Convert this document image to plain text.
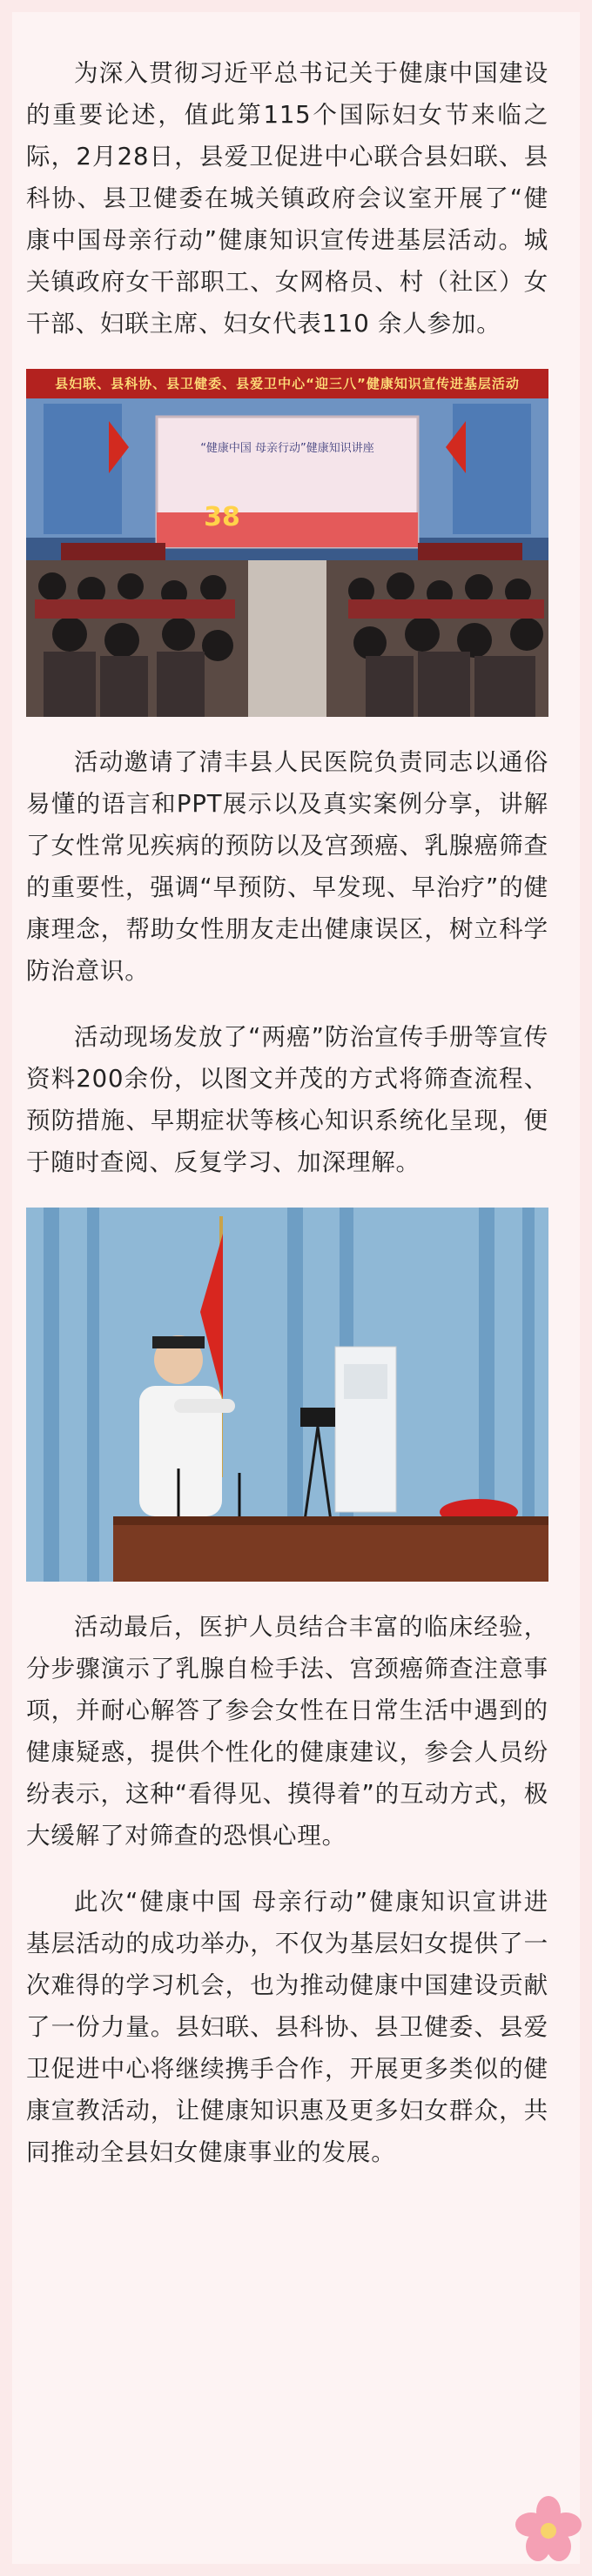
为深入贯彻习近平总书记关于健康中国建设的重要论述，值此第115个国际妇女节来临之际，2月28日，县爱卫促进中心联合县妇联、县科协、县卫健委在城关镇政府会议室开展了“健康中国母亲行动”健康知识宣传进基层活动。城关镇政府女干部职工、女网格员、村（社区）女干部、妇联主席、妇女代表110 余人参加。

“健康中国 母亲行动”健康知识讲座
38
县妇联、县科协、县卫健委、县爱卫中心“迎三八”健康知识宣传进基层活动

活动邀请了清丰县人民医院负责同志以通俗易懂的语言和PPT展示以及真实案例分享，讲解了女性常见疾病的预防以及宫颈癌、乳腺癌筛查的重要性，强调“早预防、早发现、早治疗”的健康理念，帮助女性朋友走出健康误区，树立科学防治意识。

活动现场发放了“两癌”防治宣传手册等宣传资料200余份，以图文并茂的方式将筛查流程、预防措施、早期症状等核心知识系统化呈现，便于随时查阅、反复学习、加深理解。

活动最后，医护人员结合丰富的临床经验，分步骤演示了乳腺自检手法、宫颈癌筛查注意事项，并耐心解答了参会女性在日常生活中遇到的健康疑惑，提供个性化的健康建议，参会人员纷纷表示，这种“看得见、摸得着”的互动方式，极大缓解了对筛查的恐惧心理。

此次“健康中国 母亲行动”健康知识宣讲进基层活动的成功举办，不仅为基层妇女提供了一次难得的学习机会，也为推动健康中国建设贡献了一份力量。县妇联、县科协、县卫健委、县爱卫促进中心将继续携手合作，开展更多类似的健康宣教活动，让健康知识惠及更多妇女群众，共同推动全县妇女健康事业的发展。
